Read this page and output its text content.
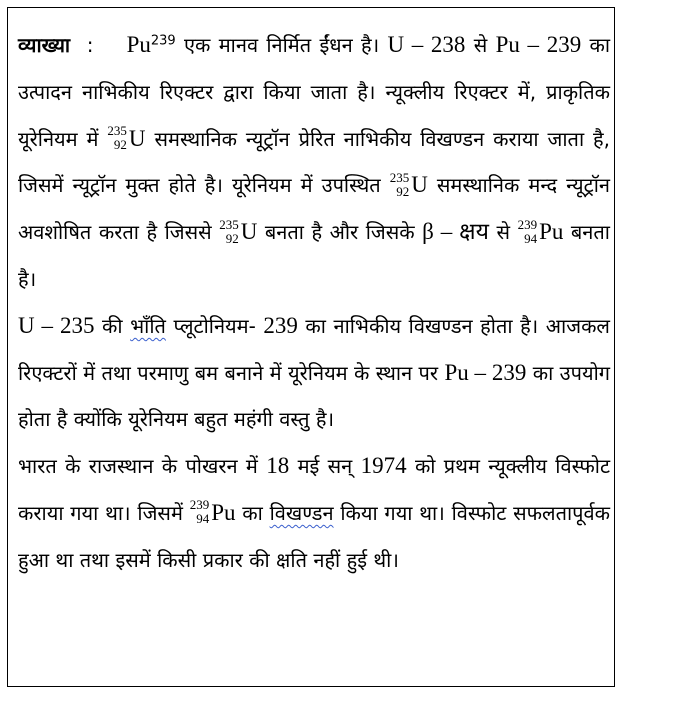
व्याख्या : Pu$^{239}$ एक मानव निर्मित ईंधन है। U – 238 से Pu – 239 का उत्पादन नाभिकीय रिएक्टर द्वारा किया जाता है। न्यूक्लीय रिएक्टर में, प्राकृतिक यूरेनियम में 235
92 U समस्थानिक न्यूट्रॉन प्रेरित नाभिकीय विखण्डन कराया जाता है, जिसमें न्यूट्रॉन मुक्त होते है। यूरेनियम में उपस्थित 235
92 U समस्थानिक मन्द न्यूट्रॉन अवशोषित करता है जिससे 235
92 U बनता है और जिसके β – क्षय से 239
94 Pu बनता है।

U – 235 की भाँति प्लूटोनियम- 239 का नाभिकीय विखण्डन होता है। आजकल रिएक्टरों में तथा परमाणु बम बनाने में यूरेनियम के स्थान पर Pu – 239 का उपयोग होता है क्योंकि यूरेनियम बहुत महंगी वस्तु है।

भारत के राजस्थान के पोखरन में 18 मई सन् 1974 को प्रथम न्यूक्लीय विस्फोट कराया गया था। जिसमें 239
94 Pu का विखण्डन किया गया था। विस्फोट सफलतापूर्वक हुआ था तथा इसमें किसी प्रकार की क्षति नहीं हुई थी।
